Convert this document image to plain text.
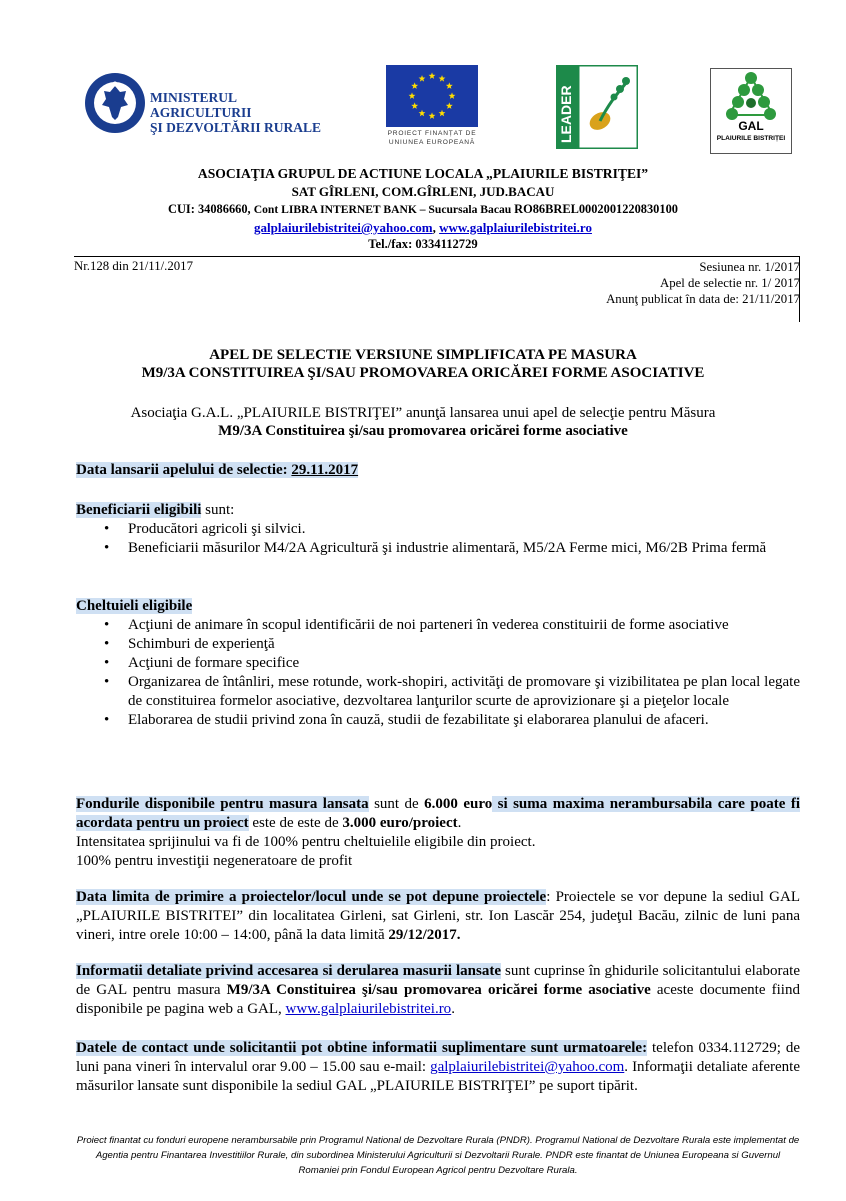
MINISTERUL AGRICULTURII
ŞI DEZVOLTĂRII RURALE	PROIECT FINANȚAT DE
UNIUNEA EUROPEANĂ	LEADER	GAL
PLAIURILE BISTRIȚEI
ASOCIAŢIA GRUPUL DE ACTIUNE LOCALA „PLAIURILE BISTRIŢEI”
SAT GÎRLENI, COM.GÎRLENI, JUD.BACAU
CUI: 34086660, Cont LIBRA INTERNET BANK – Sucursala Bacau RO86BREL0002001220830100
galplaiurilebistritei@yahoo.com, www.galplaiurilebistritei.ro
Tel./fax: 0334112729
Nr.128 din 21/11/.2017	Sesiunea nr. 1/2017
Apel de selectie nr. 1/ 2017
Anunţ publicat în data de: 21/11/2017
APEL DE SELECTIE VERSIUNE SIMPLIFICATA PE MASURA
M9/3A CONSTITUIREA ŞI/SAU PROMOVAREA ORICĂREI FORME ASOCIATIVE
Asociaţia G.A.L. „PLAIURILE BISTRIŢEI” anunţă lansarea unui apel de selecţie pentru Măsura
M9/3A Constituirea şi/sau promovarea oricărei forme asociative
Data lansarii apelului de selectie: 29.11.2017
Beneficiarii eligibili sunt:
• Producători agricoli şi silvici.
• Beneficiarii măsurilor M4/2A Agricultură şi industrie alimentară, M5/2A Ferme mici, M6/2B Prima fermă
Cheltuieli eligibile
• Acţiuni de animare în scopul identificării de noi parteneri în vederea constituirii de forme asociative
• Schimburi de experienţă
• Acţiuni de formare specifice
• Organizarea de întânliri, mese rotunde, work-shopiri, activităţi de promovare şi vizibilitatea pe plan local legate de constituirea formelor asociative, dezvoltarea lanţurilor scurte de aprovizionare şi a pieţelor locale
• Elaborarea de studii privind zona în cauză, studii de fezabilitate şi elaborarea planului de afaceri.
Fondurile disponibile pentru masura lansata sunt de 6.000 euro si suma maxima nerambursabila care poate fi acordata pentru un proiect este de este de 3.000 euro/proiect.
Intensitatea sprijinului va fi de 100% pentru cheltuielile eligibile din proiect.
100% pentru investiţii negeneratoare de profit
Data limita de primire a proiectelor/locul unde se pot depune proiectele: Proiectele se vor depune la sediul GAL „PLAIURILE BISTRITEI” din localitatea Girleni, sat Girleni, str. Ion Lascăr 254, judeţul Bacău, zilnic de luni pana vineri, intre orele 10:00 – 14:00, până la data limită 29/12/2017.
Informatii detaliate privind accesarea si derularea masurii lansate sunt cuprinse în ghidurile solicitantului elaborate de GAL pentru masura M9/3A Constituirea şi/sau promovarea oricărei forme asociative aceste documente fiind disponibile pe pagina web a GAL, www.galplaiurilebistritei.ro.
Datele de contact unde solicitantii pot obtine informatii suplimentare sunt urmatoarele: telefon 0334.112729; de luni pana vineri în intervalul orar 9.00 – 15.00 sau e-mail: galplaiurilebistritei@yahoo.com. Informaţii detaliate aferente măsurilor lansate sunt disponibile la sediul GAL „PLAIURILE BISTRIŢEI” pe suport tipărit.
Proiect finantat cu fonduri europene nerambursabile prin Programul National de Dezvoltare Rurala (PNDR). Programul National de Dezvoltare Rurala este implementat de Agentia pentru Finantarea Investitiilor Rurale, din subordinea Ministerului Agriculturii si Dezvoltarii Rurale. PNDR este finantat de Uniunea Europeana si Guvernul Romaniei prin Fondul European Agricol pentru Dezvoltare Rurala.
